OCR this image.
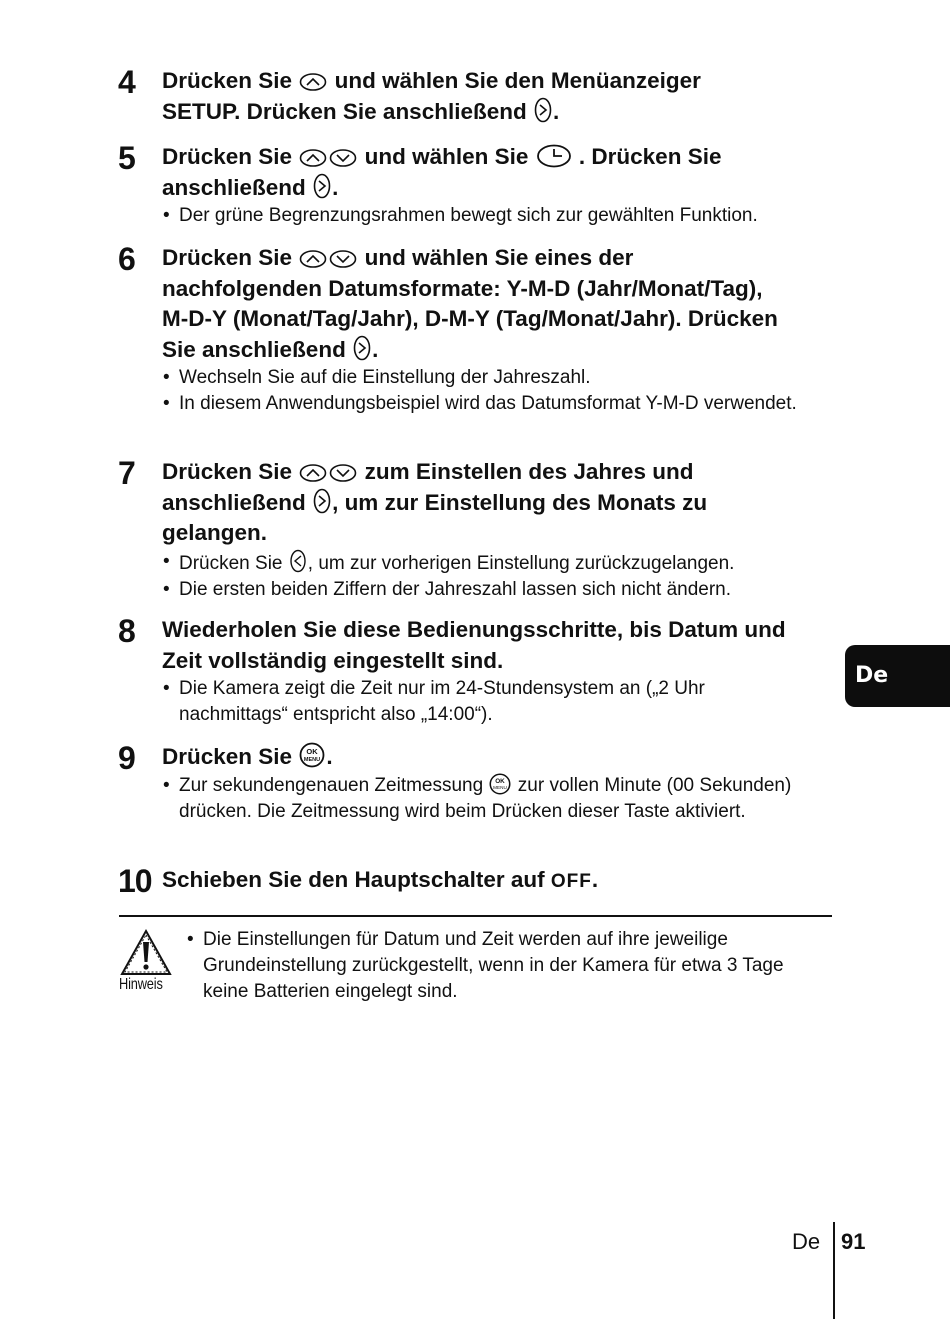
4 Drücken Sie und wählen Sie den Menüanzeiger
SETUP. Drücken Sie anschließend .
5 Drücken Sie	und wählen Sie . Drücken Sie
anschließend .
• Der grüne Begrenzungsrahmen bewegt sich zur gewählten Funktion.
6 Drücken Sie	und wählen Sie eines der
nachfolgenden Datumsformate: Y-M-D (Jahr/Monat/Tag),
M-D-Y (Monat/Tag/Jahr), D-M-Y (Tag/Monat/Jahr). Drücken
Sie anschließend .
• Wechseln Sie auf die Einstellung der Jahreszahl.
• In diesem Anwendungsbeispiel wird das Datumsformat Y-M-D verwendet.
7 Drücken Sie	zum Einstellen des Jahres und
anschließend , um zur Einstellung des Monats zu
gelangen.
• Drücken Sie , um zur vorherigen Einstellung zurückzugelangen.
• Die ersten beiden Ziffern der Jahreszahl lassen sich nicht ändern.
8 Wiederholen Sie diese Bedienungsschritte, bis Datum und
Zeit vollständig eingestellt sind.
• Die Kamera zeigt die Zeit nur im 24-Stundensystem an („2 Uhr nachmittags“ entspricht also „14:00“).
9 Drücken Sie OK
MENU .
• Zur sekundengenauen Zeitmessung OK
MENU zur vollen Minute (00 Sekunden) drücken. Die Zeitmessung wird beim Drücken dieser Taste aktiviert.
10 Schieben Sie den Hauptschalter auf OFF.
Hinweis
• Die Einstellungen für Datum und Zeit werden auf ihre jeweilige Grundeinstellung zurückgestellt, wenn in der Kamera für etwa 3 Tage keine Batterien eingelegt sind.
De
De 91
